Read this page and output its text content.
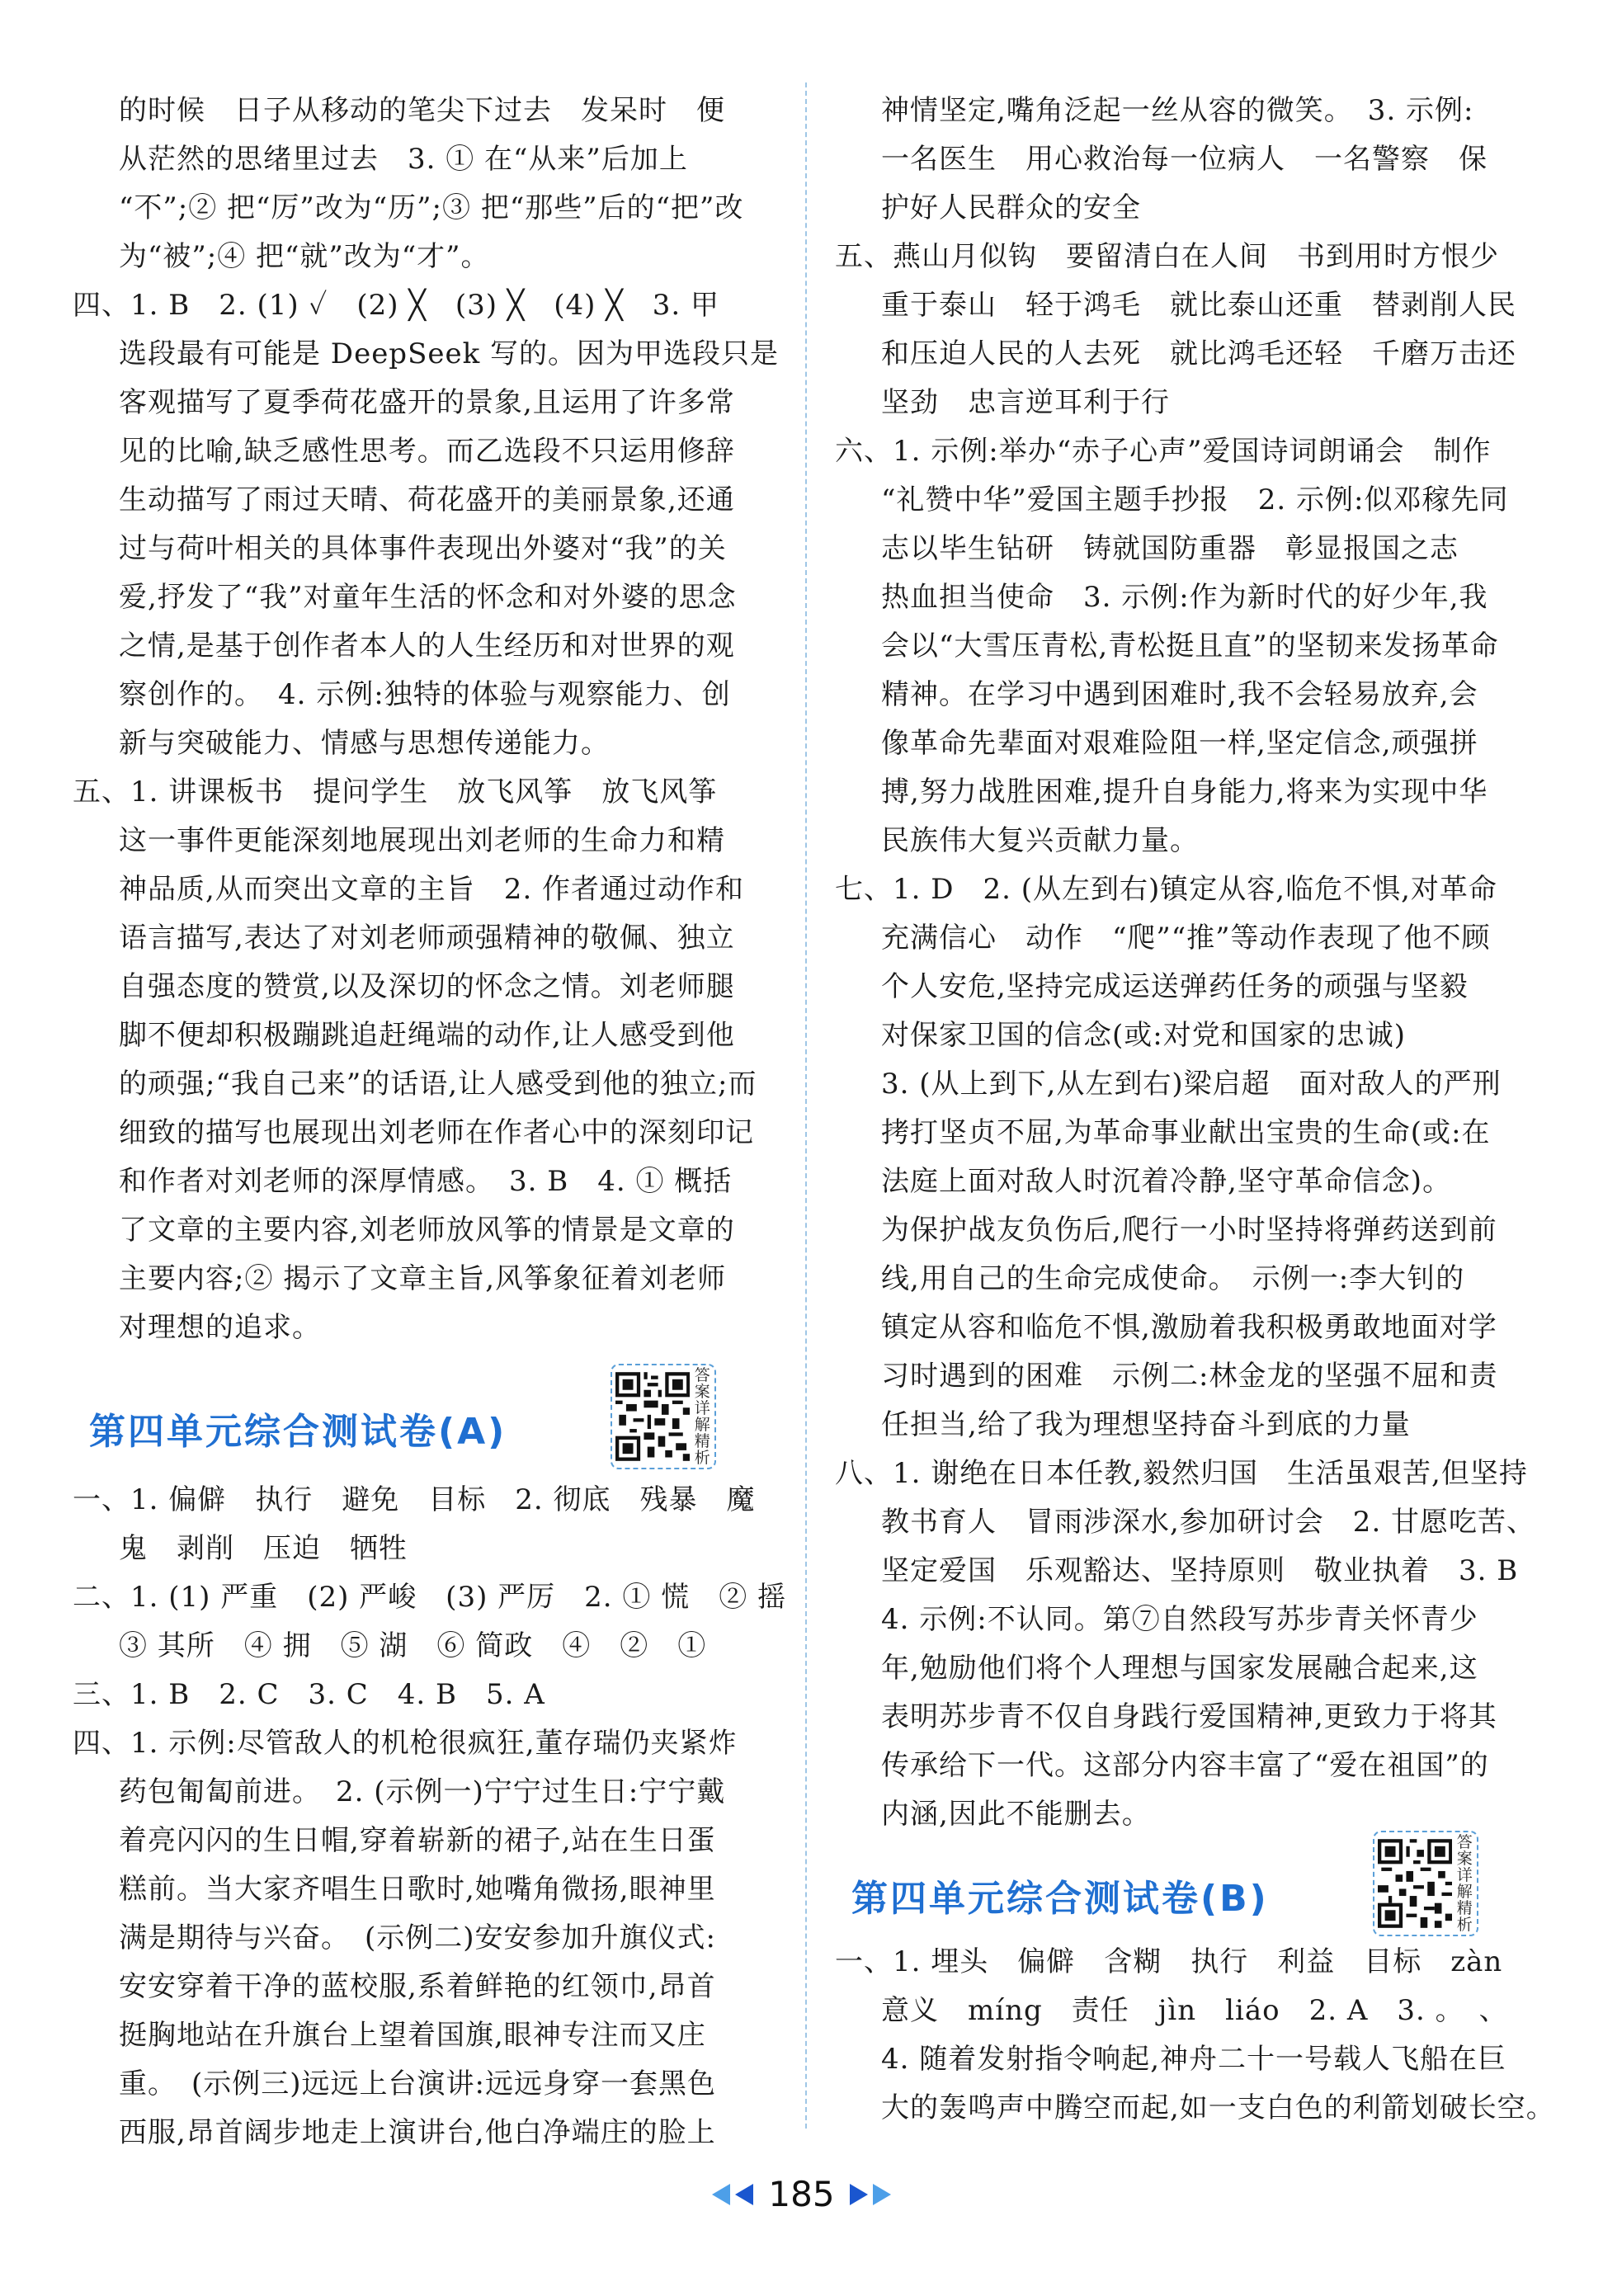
的时候　日子从移动的笔尖下过去　发呆时　便
从茫然的思绪里过去　3. ① 在“从来”后加上
“不”;② 把“厉”改为“历”;③ 把“那些”后的“把”改
为“被”;④ 把“就”改为“才”。
四、1. B　2. (1) ✓　(2) ╳　(3) ╳　(4) ╳　3. 甲
选段最有可能是 DeepSeek 写的。因为甲选段只是
客观描写了夏季荷花盛开的景象,且运用了许多常
见的比喻,缺乏感性思考。而乙选段不只运用修辞
生动描写了雨过天晴、荷花盛开的美丽景象,还通
过与荷叶相关的具体事件表现出外婆对“我”的关
爱,抒发了“我”对童年生活的怀念和对外婆的思念
之情,是基于创作者本人的人生经历和对世界的观
察创作的。　4. 示例:独特的体验与观察能力、创
新与突破能力、情感与思想传递能力。
五、1. 讲课板书　提问学生　放飞风筝　放飞风筝
这一事件更能深刻地展现出刘老师的生命力和精
神品质,从而突出文章的主旨　2. 作者通过动作和
语言描写,表达了对刘老师顽强精神的敬佩、独立
自强态度的赞赏,以及深切的怀念之情。刘老师腿
脚不便却积极蹦跳追赶绳端的动作,让人感受到他
的顽强;“我自己来”的话语,让人感受到他的独立;而
细致的描写也展现出刘老师在作者心中的深刻印记
和作者对刘老师的深厚情感。　3. B　4. ① 概括
了文章的主要内容,刘老师放风筝的情景是文章的
主要内容;② 揭示了文章主旨,风筝象征着刘老师
对理想的追求。
第四单元综合测试卷(A)
答案详解精析
一、1. 偏僻　执行　避免　目标　2. 彻底　残暴　魔
鬼　剥削　压迫　牺牲
二、1. (1) 严重　(2) 严峻　(3) 严厉　2. ① 慌　② 摇
③ 其所　④ 拥　⑤ 湖　⑥ 简政　④　②　①
三、1. B　2. C　3. C　4. B　5. A
四、1. 示例:尽管敌人的机枪很疯狂,董存瑞仍夹紧炸
药包匍匐前进。　2. (示例一)宁宁过生日:宁宁戴
着亮闪闪的生日帽,穿着崭新的裙子,站在生日蛋
糕前。当大家齐唱生日歌时,她嘴角微扬,眼神里
满是期待与兴奋。　(示例二)安安参加升旗仪式:
安安穿着干净的蓝校服,系着鲜艳的红领巾,昂首
挺胸地站在升旗台上望着国旗,眼神专注而又庄
重。　(示例三)远远上台演讲:远远身穿一套黑色
西服,昂首阔步地走上演讲台,他白净端庄的脸上
神情坚定,嘴角泛起一丝从容的微笑。　3. 示例:
一名医生　用心救治每一位病人　一名警察　保
护好人民群众的安全
五、燕山月似钩　要留清白在人间　书到用时方恨少
重于泰山　轻于鸿毛　就比泰山还重　替剥削人民
和压迫人民的人去死　就比鸿毛还轻　千磨万击还
坚劲　忠言逆耳利于行
六、1. 示例:举办“赤子心声”爱国诗词朗诵会　制作
“礼赞中华”爱国主题手抄报　2. 示例:似邓稼先同
志以毕生钻研　铸就国防重器　彰显报国之志
热血担当使命　3. 示例:作为新时代的好少年,我
会以“大雪压青松,青松挺且直”的坚韧来发扬革命
精神。在学习中遇到困难时,我不会轻易放弃,会
像革命先辈面对艰难险阻一样,坚定信念,顽强拼
搏,努力战胜困难,提升自身能力,将来为实现中华
民族伟大复兴贡献力量。
七、1. D　2. (从左到右)镇定从容,临危不惧,对革命
充满信心　动作　“爬”“推”等动作表现了他不顾
个人安危,坚持完成运送弹药任务的顽强与坚毅
对保家卫国的信念(或:对党和国家的忠诚)
3. (从上到下,从左到右)梁启超　面对敌人的严刑
拷打坚贞不屈,为革命事业献出宝贵的生命(或:在
法庭上面对敌人时沉着冷静,坚守革命信念)。
为保护战友负伤后,爬行一小时坚持将弹药送到前
线,用自己的生命完成使命。　示例一:李大钊的
镇定从容和临危不惧,激励着我积极勇敢地面对学
习时遇到的困难　示例二:林金龙的坚强不屈和责
任担当,给了我为理想坚持奋斗到底的力量
八、1. 谢绝在日本任教,毅然归国　生活虽艰苦,但坚持
教书育人　冒雨涉深水,参加研讨会　2. 甘愿吃苦、
坚定爱国　乐观豁达、坚持原则　敬业执着　3. B
4. 示例:不认同。第⑦自然段写苏步青关怀青少
年,勉励他们将个人理想与国家发展融合起来,这
表明苏步青不仅自身践行爱国精神,更致力于将其
传承给下一代。这部分内容丰富了“爱在祖国”的
内涵,因此不能删去。
第四单元综合测试卷(B)
答案详解精析
一、1. 埋头　偏僻　含糊　执行　利益　目标　zàn
意义　míng　责任　jìn　liáo　2. A　3. 。　、
4. 随着发射指令响起,神舟二十一号载人飞船在巨
大的轰鸣声中腾空而起,如一支白色的利箭划破长空。
185
